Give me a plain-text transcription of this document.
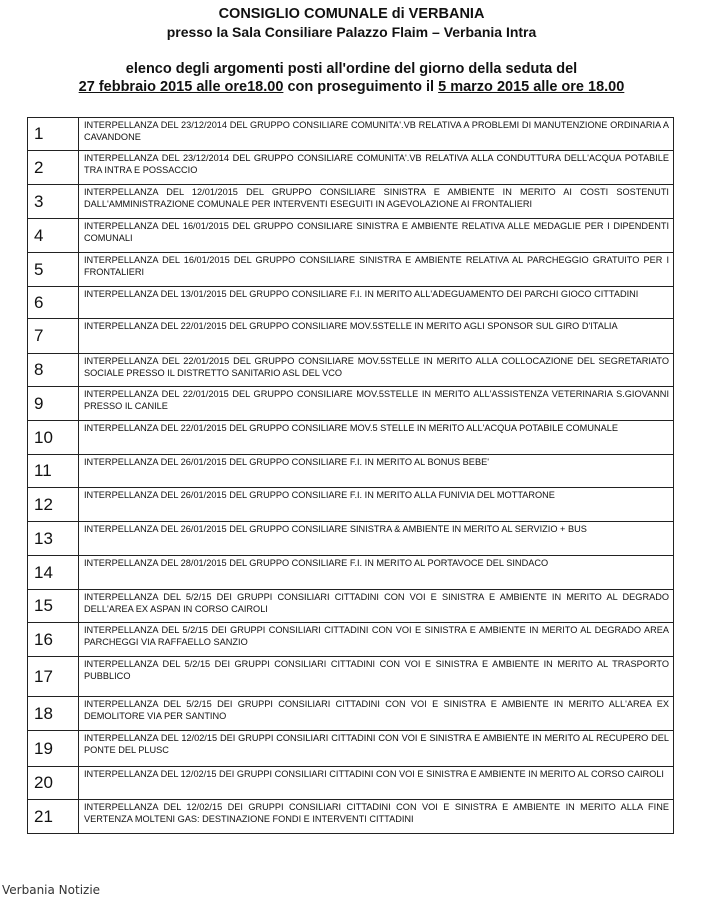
CONSIGLIO COMUNALE di VERBANIA
presso la Sala Consiliare Palazzo Flaim – Verbania Intra
elenco degli argomenti posti all'ordine del giorno della seduta del
27 febbraio 2015 alle ore18.00 con proseguimento il 5 marzo 2015 alle ore 18.00
1	INTERPELLANZA DEL 23/12/2014 DEL GRUPPO CONSILIARE COMUNITA'.VB RELATIVA A PROBLEMI DI MANUTENZIONE ORDINARIA A CAVANDONE
2	INTERPELLANZA DEL 23/12/2014 DEL GRUPPO CONSILIARE COMUNITA'.VB RELATIVA ALLA CONDUTTURA DELL'ACQUA POTABILE TRA INTRA E POSSACCIO
3	INTERPELLANZA DEL 12/01/2015 DEL GRUPPO CONSILIARE SINISTRA E AMBIENTE IN MERITO AI COSTI SOSTENUTI DALL'AMMINISTRAZIONE COMUNALE PER INTERVENTI ESEGUITI IN AGEVOLAZIONE AI FRONTALIERI
4	INTERPELLANZA DEL 16/01/2015 DEL GRUPPO CONSILIARE SINISTRA E AMBIENTE RELATIVA ALLE MEDAGLIE PER I DIPENDENTI COMUNALI
5	INTERPELLANZA DEL 16/01/2015 DEL GRUPPO CONSILIARE SINISTRA E AMBIENTE RELATIVA AL PARCHEGGIO GRATUITO PER I FRONTALIERI
6	INTERPELLANZA DEL 13/01/2015 DEL GRUPPO CONSILIARE F.I. IN MERITO ALL'ADEGUAMENTO DEI PARCHI GIOCO CITTADINI
7	INTERPELLANZA DEL 22/01/2015 DEL GRUPPO CONSILIARE MOV.5STELLE IN MERITO AGLI SPONSOR SUL GIRO D'ITALIA
8	INTERPELLANZA DEL 22/01/2015 DEL GRUPPO CONSILIARE MOV.5STELLE IN MERITO ALLA COLLOCAZIONE DEL SEGRETARIATO SOCIALE PRESSO IL DISTRETTO SANITARIO ASL DEL VCO
9	INTERPELLANZA DEL 22/01/2015 DEL GRUPPO CONSILIARE MOV.5STELLE IN MERITO ALL'ASSISTENZA VETERINARIA S.GIOVANNI PRESSO IL CANILE
10	INTERPELLANZA DEL 22/01/2015 DEL GRUPPO CONSILIARE MOV.5 STELLE IN MERITO ALL'ACQUA POTABILE COMUNALE
11	INTERPELLANZA DEL 26/01/2015 DEL GRUPPO CONSILIARE F.I. IN MERITO AL BONUS BEBE'
12	INTERPELLANZA DEL 26/01/2015 DEL GRUPPO CONSILIARE F.I. IN MERITO ALLA FUNIVIA DEL MOTTARONE
13	INTERPELLANZA DEL 26/01/2015 DEL GRUPPO CONSILIARE SINISTRA & AMBIENTE IN MERITO AL SERVIZIO + BUS
14	INTERPELLANZA DEL 28/01/2015 DEL GRUPPO CONSILIARE F.I. IN MERITO AL PORTAVOCE DEL SINDACO
15	INTERPELLANZA DEL 5/2/15 DEI GRUPPI CONSILIARI CITTADINI CON VOI E SINISTRA E AMBIENTE IN MERITO AL DEGRADO DELL'AREA EX ASPAN IN CORSO CAIROLI
16	INTERPELLANZA DEL 5/2/15 DEI GRUPPI CONSILIARI CITTADINI CON VOI E SINISTRA E AMBIENTE IN MERITO AL DEGRADO AREA PARCHEGGI VIA RAFFAELLO SANZIO
17	INTERPELLANZA DEL 5/2/15 DEI GRUPPI CONSILIARI CITTADINI CON VOI E SINISTRA E AMBIENTE IN MERITO AL TRASPORTO PUBBLICO
18	INTERPELLANZA DEL 5/2/15 DEI GRUPPI CONSILIARI CITTADINI CON VOI E SINISTRA E AMBIENTE IN MERITO ALL'AREA EX DEMOLITORE VIA PER SANTINO
19	INTERPELLANZA DEL 12/02/15 DEI GRUPPI CONSILIARI CITTADINI CON VOI E SINISTRA E AMBIENTE IN MERITO AL RECUPERO DEL PONTE DEL PLUSC
20	INTERPELLANZA DEL 12/02/15 DEI GRUPPI CONSILIARI CITTADINI CON VOI E SINISTRA E AMBIENTE IN MERITO AL CORSO CAIROLI
21	INTERPELLANZA DEL 12/02/15 DEI GRUPPI CONSILIARI CITTADINI CON VOI E SINISTRA E AMBIENTE IN MERITO ALLA FINE VERTENZA MOLTENI GAS: DESTINAZIONE FONDI E INTERVENTI CITTADINI
Verbania Notizie
